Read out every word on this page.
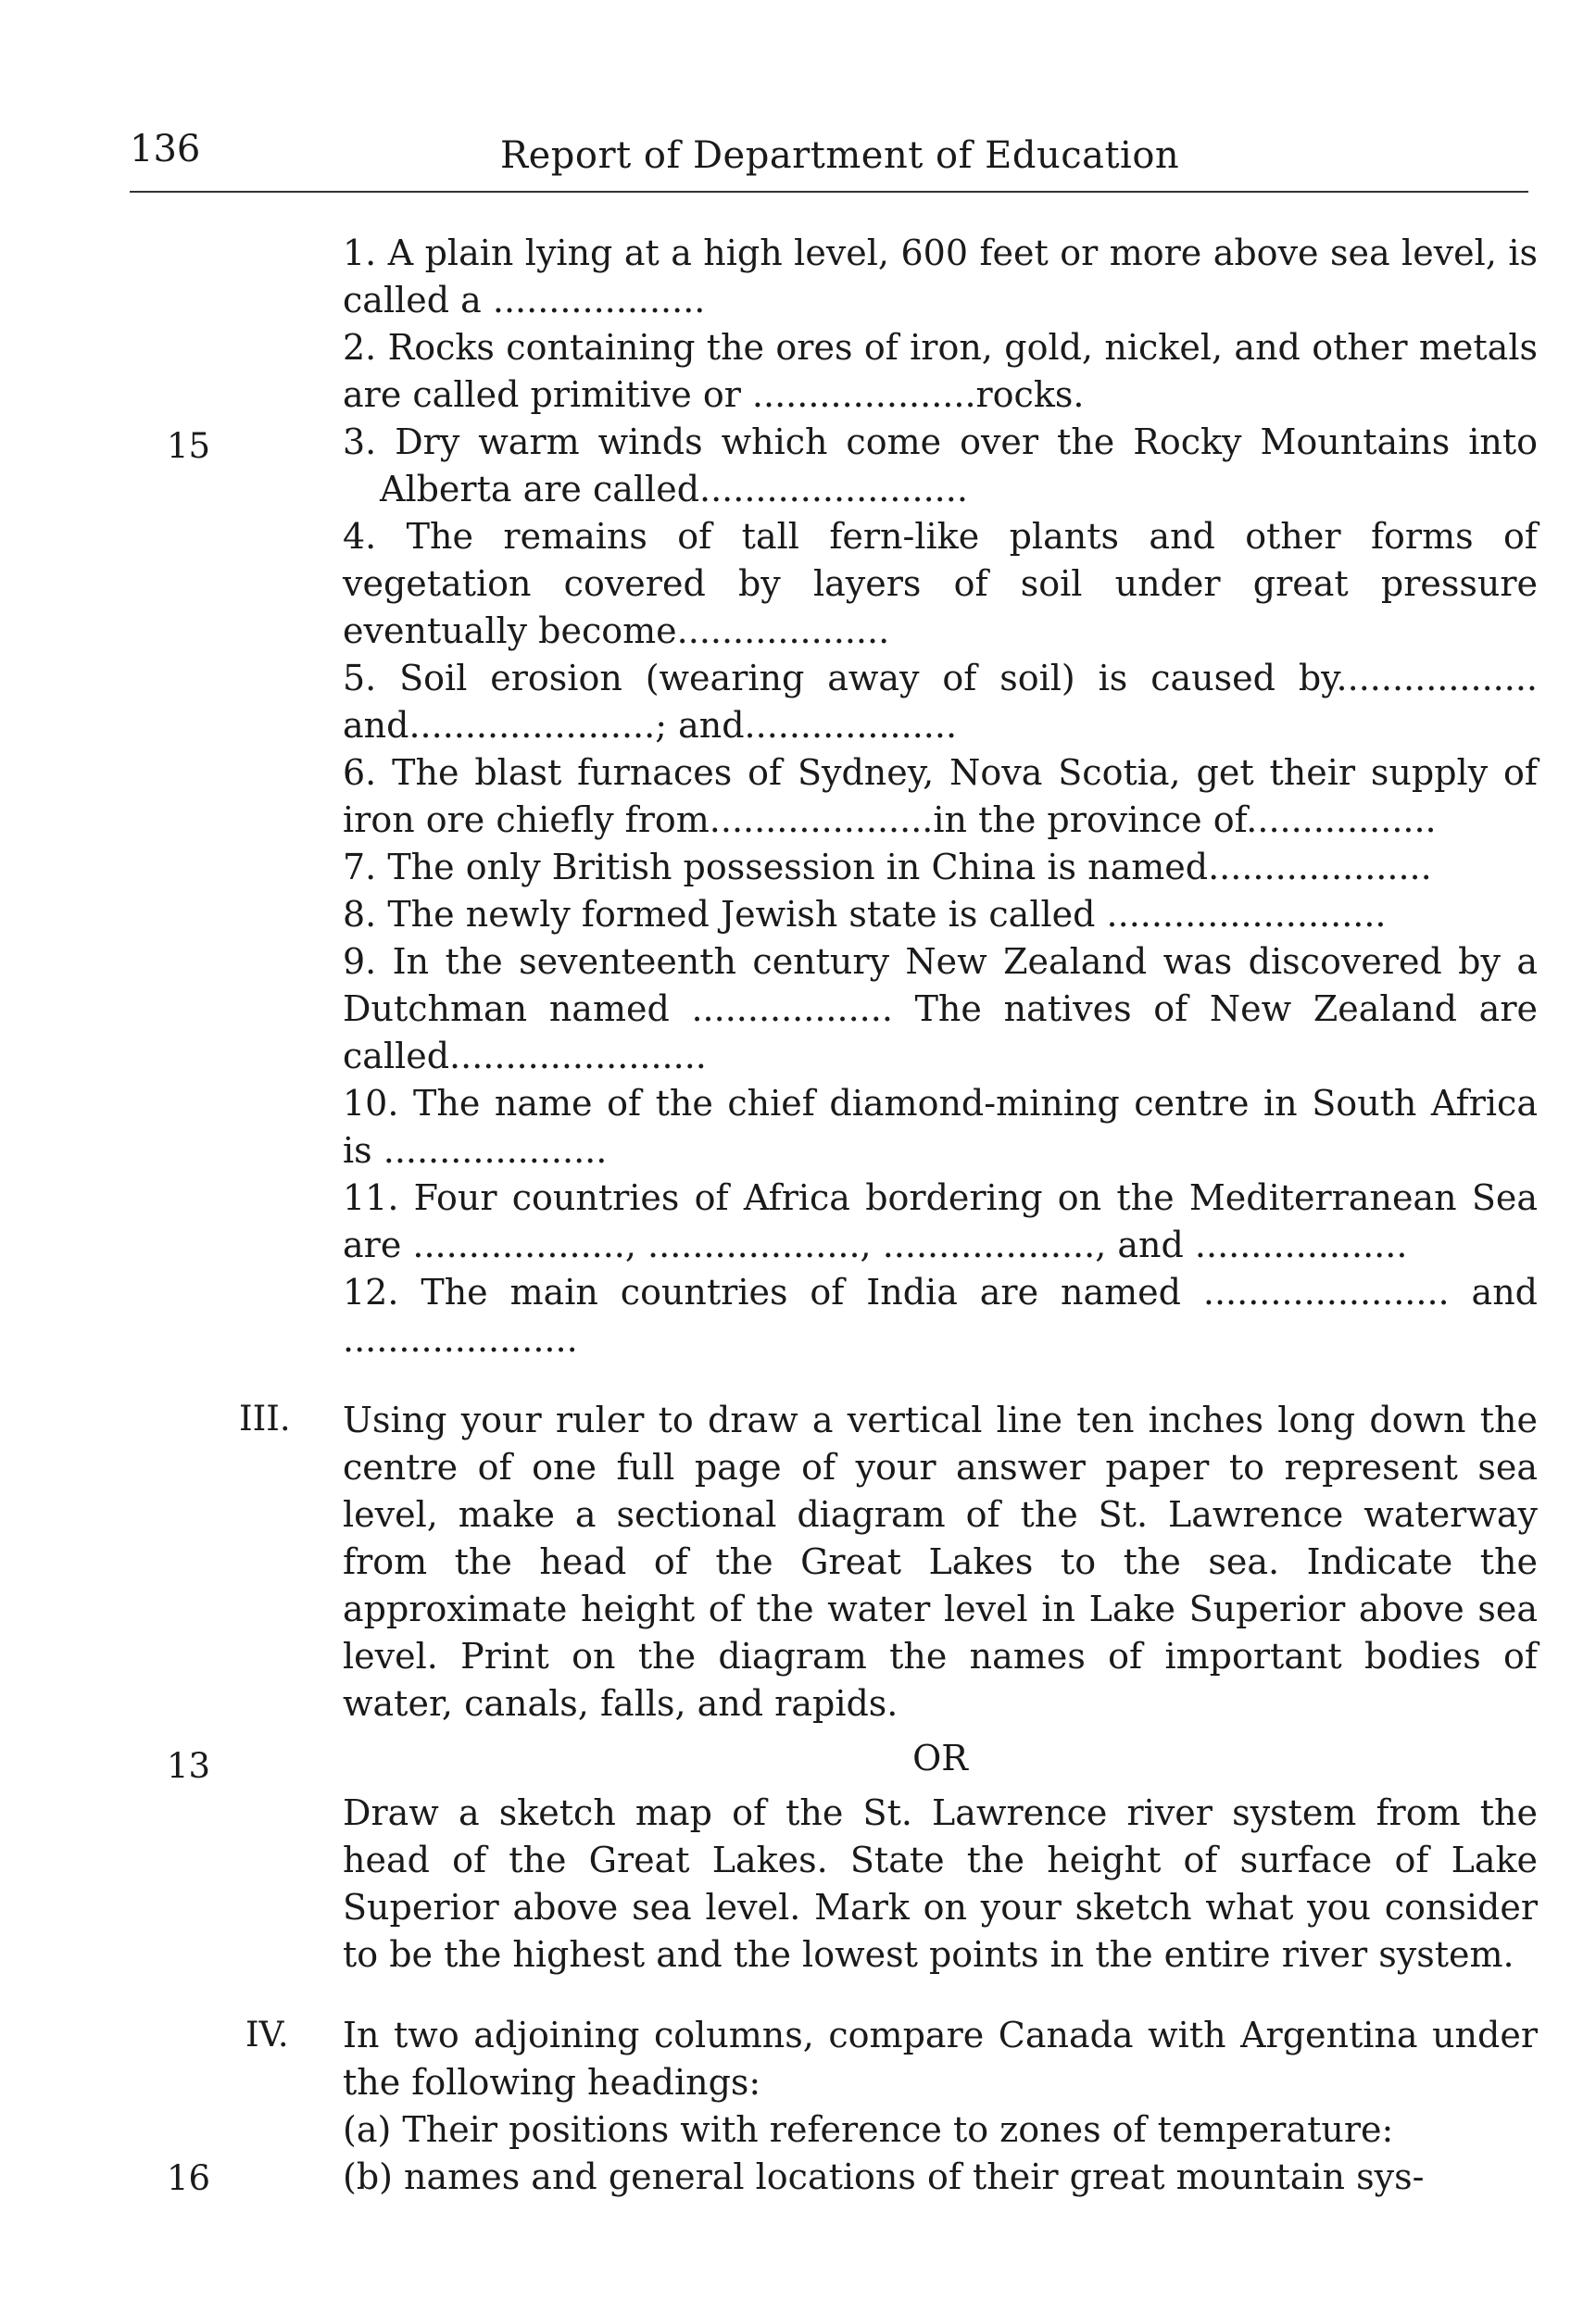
136	Report of Department of Education
15
13
16
III.
IV.
1. A plain lying at a high level, 600 feet or more above sea level, is called a ...................
2. Rocks containing the ores of iron, gold, nickel, and other metals are called primitive or ....................rocks.
3. Dry warm winds which come over the Rocky Mountains into Alberta are called........................
4. The remains of tall fern-like plants and other forms of vegetation covered by layers of soil under great pressure eventually become...................
5. Soil erosion (wearing away of soil) is caused by.................. and......................; and...................
6. The blast furnaces of Sydney, Nova Scotia, get their supply of iron ore chiefly from....................in the province of.................
7. The only British possession in China is named....................
8. The newly formed Jewish state is called .........................
9. In the seventeenth century New Zealand was discovered by a Dutchman named .................. The natives of New Zealand are called.......................
10. The name of the chief diamond-mining centre in South Africa is ....................
11. Four countries of Africa bordering on the Mediterranean Sea are ..................., ..................., ..................., and ...................
12. The main countries of India are named ...................... and .....................
Using your ruler to draw a vertical line ten inches long down the centre of one full page of your answer paper to represent sea level, make a sectional diagram of the St. Lawrence waterway from the head of the Great Lakes to the sea. Indicate the approximate height of the water level in Lake Superior above sea level. Print on the diagram the names of important bodies of water, canals, falls, and rapids.
OR
Draw a sketch map of the St. Lawrence river system from the head of the Great Lakes. State the height of surface of Lake Superior above sea level. Mark on your sketch what you consider to be the highest and the lowest points in the entire river system.
In two adjoining columns, compare Canada with Argentina under the following headings:
(a) Their positions with reference to zones of temperature:
(b) names and general locations of their great mountain sys-
